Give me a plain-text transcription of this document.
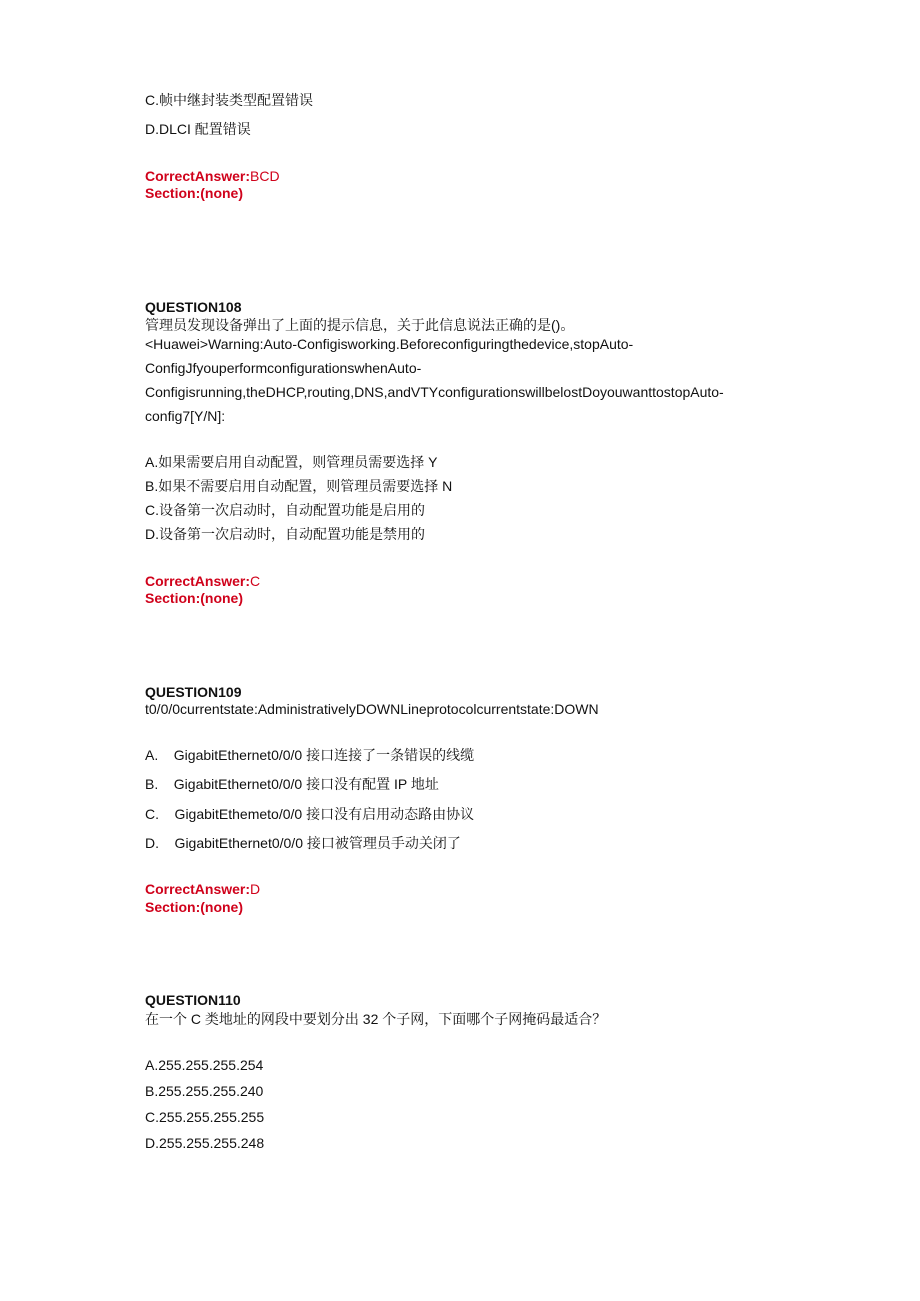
C.帧中继封装类型配置错误
D.DLCI 配置错误
CorrectAnswer:BCD
Section:(none)
QUESTION108
管理员发现设备弹出了上面的提示信息，关于此信息说法正确的是()。
<Huawei>Warning:Auto-Configisworking.Beforeconfiguringthedevice,stopAuto-
ConfigJfyouperformconfigurationswhenAuto-
Configisrunning,theDHCP,routing,DNS,andVTYconfigurationswillbelostDoyouwanttostopAuto-
config7[Y/N]:
A.如果需要启用自动配置，则管理员需要选择 Y
B.如果不需要启用自动配置，则管理员需要选择 N
C.设备第一次启动时，自动配置功能是启用的
D.设备第一次启动时，自动配置功能是禁用的
CorrectAnswer:C
Section:(none)
QUESTION109
t0/0/0currentstate:AdministrativelyDOWNLineprotocolcurrentstate:DOWN
A.    GigabitEthernet0/0/0 接口连接了一条错误的线缆
B.    GigabitEthernet0/0/0 接口没有配置 IP 地址
C.    GigabitEthemeto/0/0 接口没有启用动态路由协议
D.    GigabitEthernet0/0/0 接口被管理员手动关闭了
CorrectAnswer:D
Section:(none)
QUESTION110
在一个 C 类地址的网段中要划分出 32 个子网，下面哪个子网掩码最适合？
A.255.255.255.254
B.255.255.255.240
C.255.255.255.255
D.255.255.255.248
